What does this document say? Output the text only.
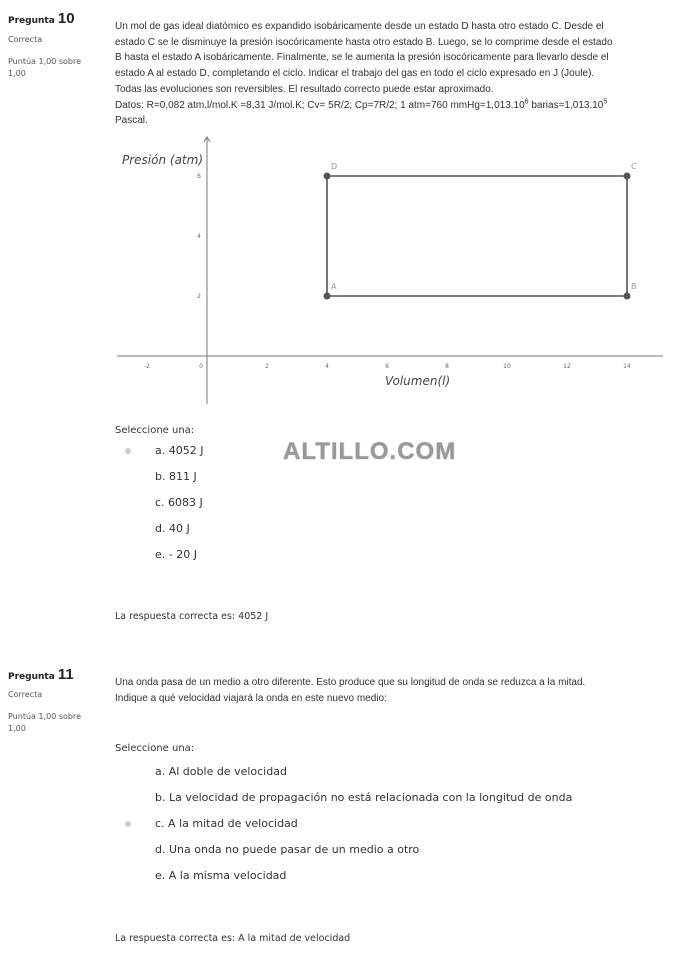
Pregunta 10
Correcta
Puntúa 1,00 sobre
1,00
Un mol de gas ideal diatómico es expandido isobáricamente desde un estado D hasta otro estado C. Desde el
estado C se le disminuye la presión isocóricamente hasta otro estado B. Luego, se lo comprime desde el estado
B hasta el estado A isobáricamente. Finalmente, se le aumenta la presión isocóricamente para llevarlo desde el
estado A al estado D, completando el ciclo. Indicar el trabajo del gas en todo el ciclo expresado en J (Joule).
Todas las evoluciones son reversibles. El resultado correcto puede estar aproximado.
Datos: R=0,082 atm.l/mol.K =8,31 J/mol.K; Cv= 5R/2; Cp=7R/2; 1 atm=760 $mmHg=1,013.10^6$ $barias=1,013.10^5$
Pascal.
Presión (atm)
Volumen(l)
-2	0	2	4	6	8	10	12	14
2
4
6
A	B
C
D
Seleccione una:
ALTILLO.COM
a. 4052 J
b. 811 J
c. 6083 J
d. 40 J
e. - 20 J
La respuesta correcta es: 4052 J
Pregunta 11
Correcta
Puntúa 1,00 sobre
1,00
Una onda pasa de un medio a otro diferente. Esto produce que su longitud de onda se reduzca a la mitad.
Indique a qué velocidad viajará la onda en este nuevo medio:
Seleccione una:
a. Al doble de velocidad
b. La velocidad de propagación no está relacionada con la longitud de onda
c. A la mitad de velocidad
d. Una onda no puede pasar de un medio a otro
e. A la misma velocidad
La respuesta correcta es: A la mitad de velocidad
